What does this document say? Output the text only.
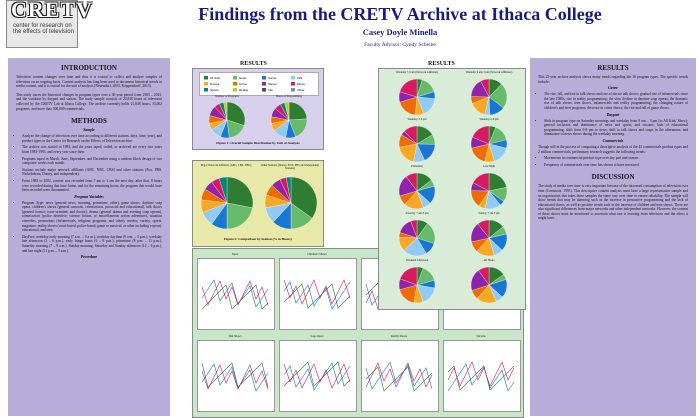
CRETV
center for research on the effects of television
Findings from the CRETV Archive at Ithaca College
Casey Doyle Minella
Faculty Advisor: Cyndy Scheibe
INTRODUCTION
Television content changes over time and thus it is crucial to collect and analyze samples of television on an ongoing basis. Content analysis has long been used to document historical trends in media content, and it is crucial for the unit of analysis (Neuendorf, 2003; Krippendorff, 2013).
This study traces the historical changes in program types over a 30-year period from 1983 – 2013, and the variation by daypart and station. The study sample consists of 20,818 hours of television collected by the CRETV Lab at Ithaca College. The archive currently holds 21,848 hours, 33,002 programs, and more than 500,000 commercials.
METHODS
Sample
• Analyze the change of television over time according to different stations, days, time, year), and product types in the Center for Research on the Effects of Television archive.
• The archive was started in 1983, and the years taped, coded, or archived are every two years from 1983-1993, and every year since then.
• Programs taped in March, June, September, and December using a random block design of two composite weeks each month.
• Stations include major network affiliates (ABC, NBC, CBS) and other stations (Fox, PBS, Nickelodeon, Disney, and independent).
• From 1983 to 2002, content was recorded from 7 am to 3 am the next day; after that, 8 hours were recorded during that time frame, and for the remaining hours, the program that would have been recorded were documented.
Program Variables
• Program Type: news (general news, morning, primetime, other), game shows, daytime soap opera, children's shows (general cartoons, crime/action, prosocial and educational), talk shows (general format; issue-oriented; and doctor), drama (general drama and evening soap operas), crime/action (police detective, science fiction, or miscellaneous action adventure), situation comedies, promotions (infomercials, religious programs, and other), movies, variety, sports, magazine, reality shows (court-based, police-based, game or survival, or other including voyeur), educational, and teen.
• DayPart: weekday early morning (7 a.m. – 9 a.m.), weekday daytime (9 a.m. – 3 p.m.), weekday late afternoon (3 – 6 p.m.), early fringe hours (6 – 8 p.m.), primetime (8 p.m. – 11 p.m.), Saturday morning (7 – 9 a.m.), Sunday morning, Saturday and Sunday afternoon (12 – 6 p.m.), and late night (11 p.m. – 3 a.m.).
Procedure
RESULTS	RESULTS
All Kids	News	Game	Talk
Drama	Crime	Sitcom	Movie
Sports	Reality	Info	Other
Number of Programs	Hours of Programming
Figure 1: Overall Sample Distribution by Unit of Analysis
Major Network Affiliates (ABC, CBS, NBC)	Other Stations (Disney, FOX, PBS and Independent Stations)
Figure 2: Comparison by Station (% in Hours)
News	Children's Shows
Talk Shows	Soap Opera	Reality Shows	Sitcoms
Weekday 7-9 am (Network Affiliates)	Weekday 9 am-3 pm (Network Affiliates)
Weekday 3-6 pm	Weekday 6-8 pm
Primetime	Late Night
Saturday 7 am-3 pm	Sunday 7 am-3 pm
Weekend Afternoon	All Hours
RESULTS
This 25-year archive analysis shows many trends regarding the 16 program types. The specific trends include:
Genre
• The rise, fall, and rise in talk shows and rise of doctor talk shows; gradual rise of infomercials since the late 1980s; rise in reality programming; the slow decline in daytime soap operas; the dramatic rise of talk shows, teen shows, infomercials and reality programming; the changing nature of children's and teen programs; decrease in crime shows; the rise and fall of game shows.
Daypart
• Shift in program type on Saturday mornings and weekday from 9 am – 3 pm (to All Kids' Show); general inclusion and dominance of news and sports, and sitcoms; lack of educational programming; shift from 6-8 pm to news; shift to talk shows and soaps in the afternoons; and dominance of news shows during the weekday morning.
Commercials
Though still in the process of computing a descriptive analysis of the 45 commercials product types and 2 million commercials, preliminary research suggests the following trends:
• Movements in commercial product type over day part and season.
• Frequency of commercials over time has shown to have increased.
DISCUSSION
The study of media over time is very important because of the increased consumption of television over time (Comstock, 1991). This descriptive content analysis must have a large representative sample and an organization that takes these samples the same way over time to ensure reliability. The sample will show trends that may be alarming such as the increase in persuasive programming and the lack of educational shows, as well as positive trends such as the increase of children and teen shows. There are also significant differences from major networks and other independent networks. However, the content of these shows must be monitored to ascertain what one is learning from television and the effect it might have.
